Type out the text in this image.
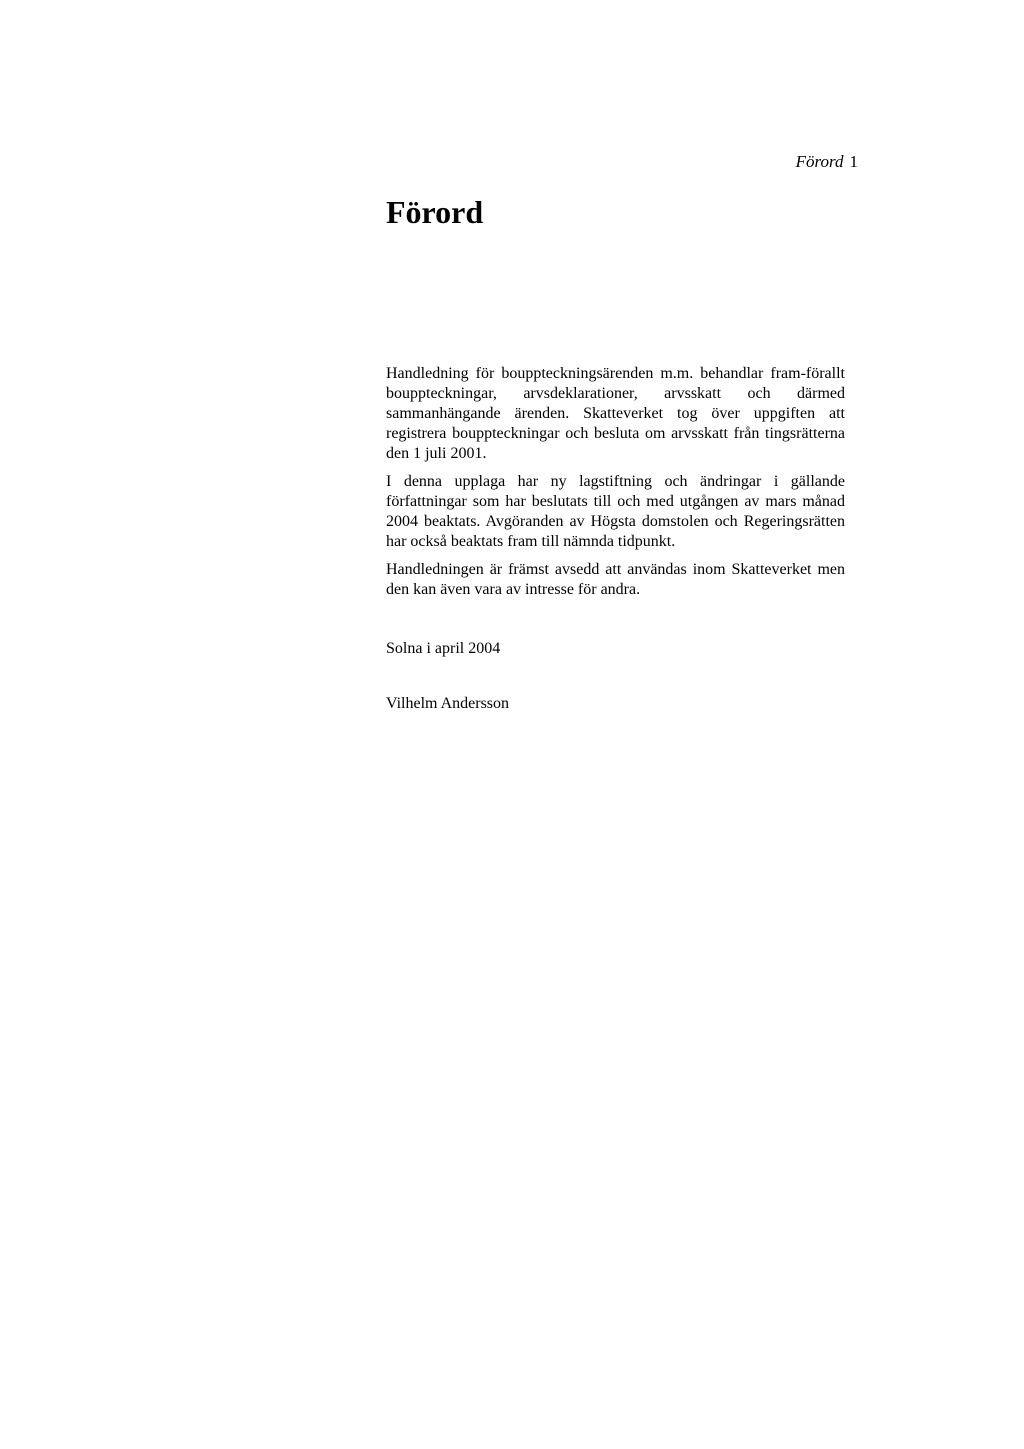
Förord 1
Förord

Handledning för bouppteckningsärenden m.m. behandlar fram-förallt bouppteckningar, arvsdeklarationer, arvsskatt och därmed sammanhängande ärenden. Skatteverket tog över uppgiften att registrera bouppteckningar och besluta om arvsskatt från tingsrätterna den 1 juli 2001.

I denna upplaga har ny lagstiftning och ändringar i gällande författningar som har beslutats till och med utgången av mars månad 2004 beaktats. Avgöranden av Högsta domstolen och Regeringsrätten har också beaktats fram till nämnda tidpunkt.

Handledningen är främst avsedd att användas inom Skatteverket men den kan även vara av intresse för andra.

Solna i april 2004
Vilhelm Andersson
